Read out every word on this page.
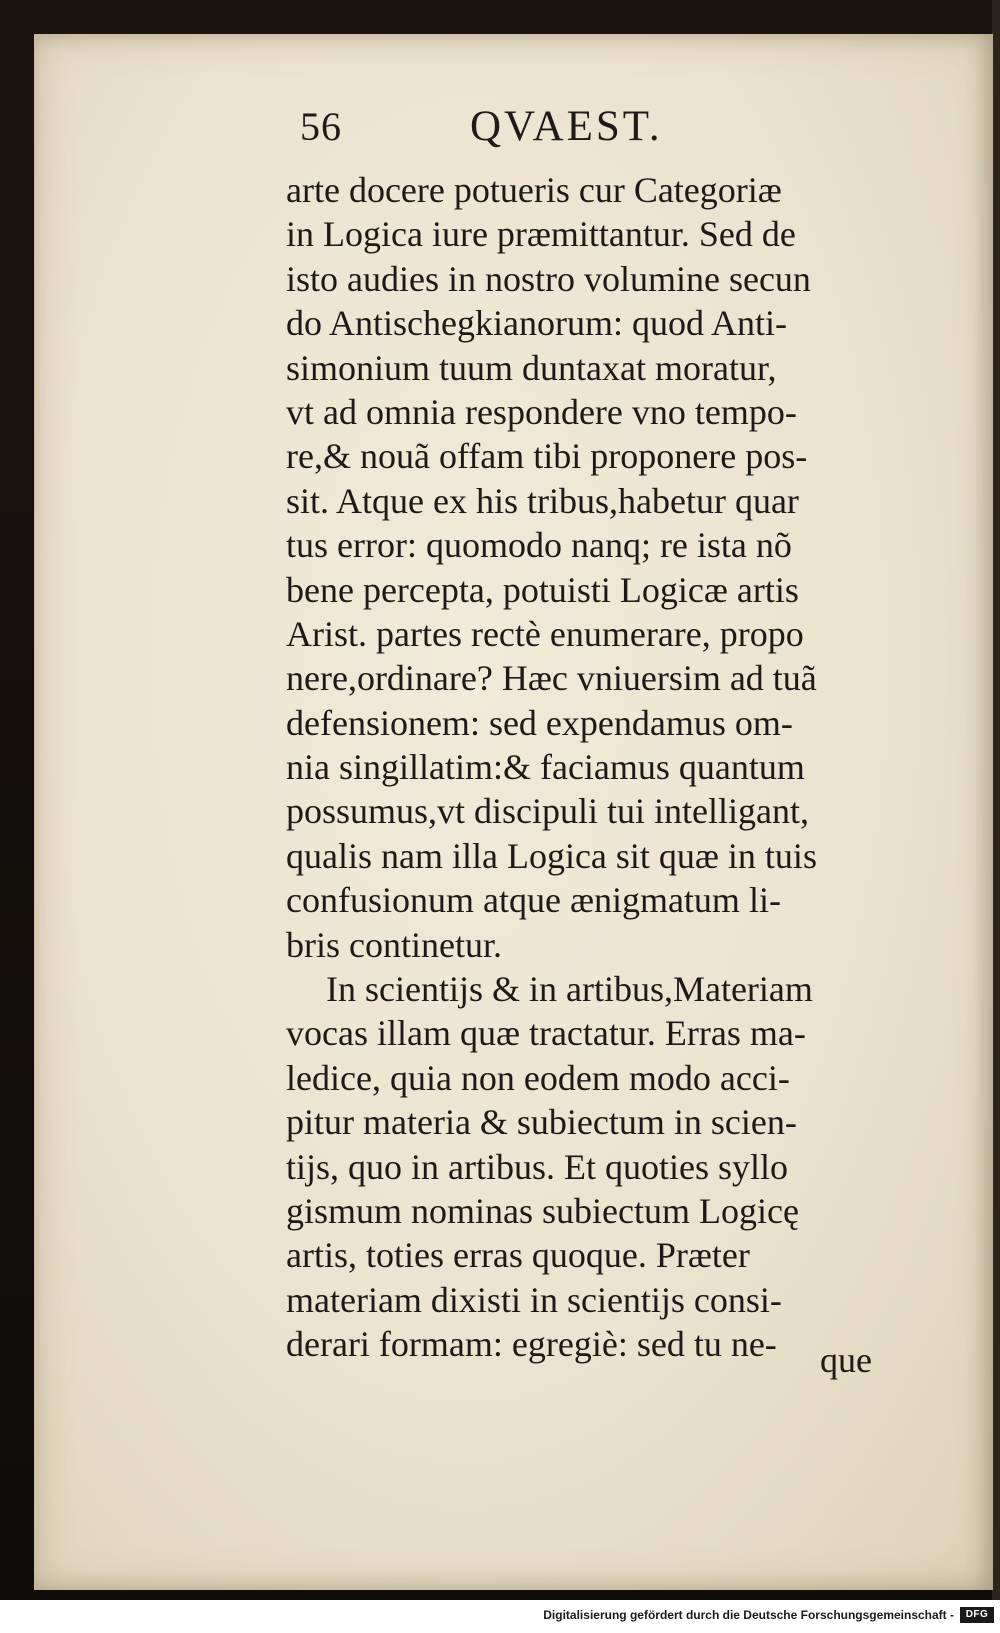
56	QVAEST.
arte docere potueris cur Categoriæ
in Logica iure præmittantur. Sed de
isto audies in nostro volumine secun
do Antischegkianorum: quod Anti-
simonium tuum duntaxat moratur,
vt ad omnia respondere vno tempo-
re,& nouã offam tibi proponere pos-
sit. Atque ex his tribus,habetur quar
tus error: quomodo nanq; re ista nõ
bene percepta, potuisti Logicæ artis
Arist. partes rectè enumerare, propo
nere,ordinare? Hæc vniuersim ad tuã
defensionem: sed expendamus om-
nia singillatim:& faciamus quantum
possumus,vt discipuli tui intelligant,
qualis nam illa Logica sit quæ in tuis
confusionum atque ænigmatum li-
bris continetur.
In scientijs & in artibus,Materiam
vocas illam quæ tractatur. Erras ma-
ledice, quia non eodem modo acci-
pitur materia & subiectum in scien-
tijs, quo in artibus. Et quoties syllo
gismum nominas subiectum Logicę
artis, toties erras quoque. Præter
materiam dixisti in scientijs consi-
derari formam: egregiè: sed tu ne-	que
Digitalisierung gefördert durch die Deutsche Forschungsgemeinschaft -	DFG
